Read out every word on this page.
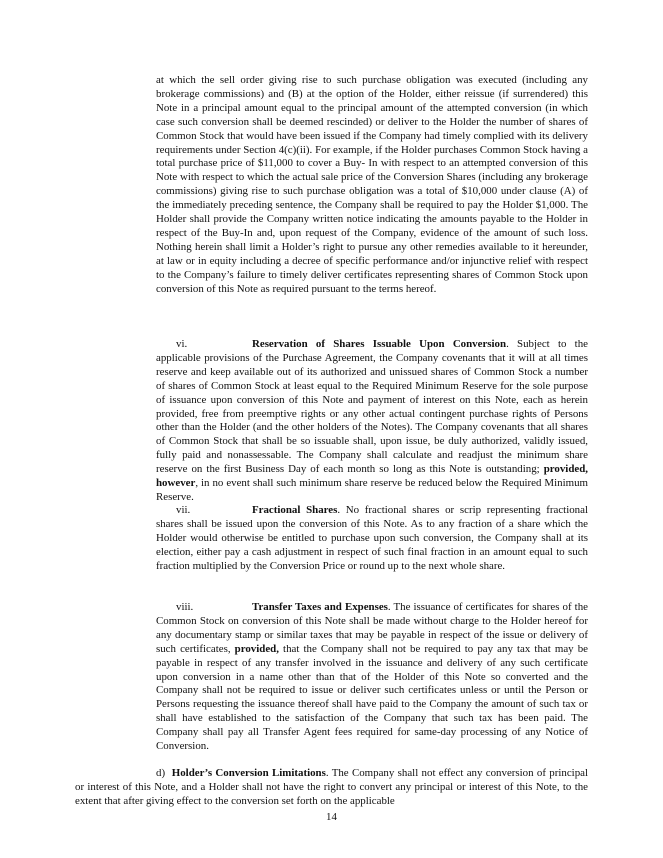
at which the sell order giving rise to such purchase obligation was executed (including any brokerage commissions) and (B) at the option of the Holder, either reissue (if surrendered) this Note in a principal amount equal to the principal amount of the attempted conversion (in which case such conversion shall be deemed rescinded) or deliver to the Holder the number of shares of Common Stock that would have been issued if the Company had timely complied with its delivery requirements under Section 4(c)(ii). For example, if the Holder purchases Common Stock having a total purchase price of $11,000 to cover a Buy- In with respect to an attempted conversion of this Note with respect to which the actual sale price of the Conversion Shares (including any brokerage commissions) giving rise to such purchase obligation was a total of $10,000 under clause (A) of the immediately preceding sentence, the Company shall be required to pay the Holder $1,000. The Holder shall provide the Company written notice indicating the amounts payable to the Holder in respect of the Buy-In and, upon request of the Company, evidence of the amount of such loss. Nothing herein shall limit a Holder’s right to pursue any other remedies available to it hereunder, at law or in equity including a decree of specific performance and/or injunctive relief with respect to the Company’s failure to timely deliver certificates representing shares of Common Stock upon conversion of this Note as required pursuant to the terms hereof.

vi.	Reservation of Shares Issuable Upon Conversion. Subject to the applicable provisions of the Purchase Agreement, the Company covenants that it will at all times reserve and keep available out of its authorized and unissued shares of Common Stock a number of shares of Common Stock at least equal to the Required Minimum Reserve for the sole purpose of issuance upon conversion of this Note and payment of interest on this Note, each as herein provided, free from preemptive rights or any other actual contingent purchase rights of Persons other than the Holder (and the other holders of the Notes). The Company covenants that all shares of Common Stock that shall be so issuable shall, upon issue, be duly authorized, validly issued, fully paid and nonassessable. The Company shall calculate and readjust the minimum share reserve on the first Business Day of each month so long as this Note is outstanding; provided, however, in no event shall such minimum share reserve be reduced below the Required Minimum Reserve.

vii.	Fractional Shares. No fractional shares or scrip representing fractional shares shall be issued upon the conversion of this Note. As to any fraction of a share which the Holder would otherwise be entitled to purchase upon such conversion, the Company shall at its election, either pay a cash adjustment in respect of such final fraction in an amount equal to such fraction multiplied by the Conversion Price or round up to the next whole share.

viii.	Transfer Taxes and Expenses. The issuance of certificates for shares of the Common Stock on conversion of this Note shall be made without charge to the Holder hereof for any documentary stamp or similar taxes that may be payable in respect of the issue or delivery of such certificates, provided, that the Company shall not be required to pay any tax that may be payable in respect of any transfer involved in the issuance and delivery of any such certificate upon conversion in a name other than that of the Holder of this Note so converted and the Company shall not be required to issue or deliver such certificates unless or until the Person or Persons requesting the issuance thereof shall have paid to the Company the amount of such tax or shall have established to the satisfaction of the Company that such tax has been paid. The Company shall pay all Transfer Agent fees required for same-day processing of any Notice of Conversion.

d) Holder’s Conversion Limitations. The Company shall not effect any conversion of principal or interest of this Note, and a Holder shall not have the right to convert any principal or interest of this Note, to the extent that after giving effect to the conversion set forth on the applicable

14
